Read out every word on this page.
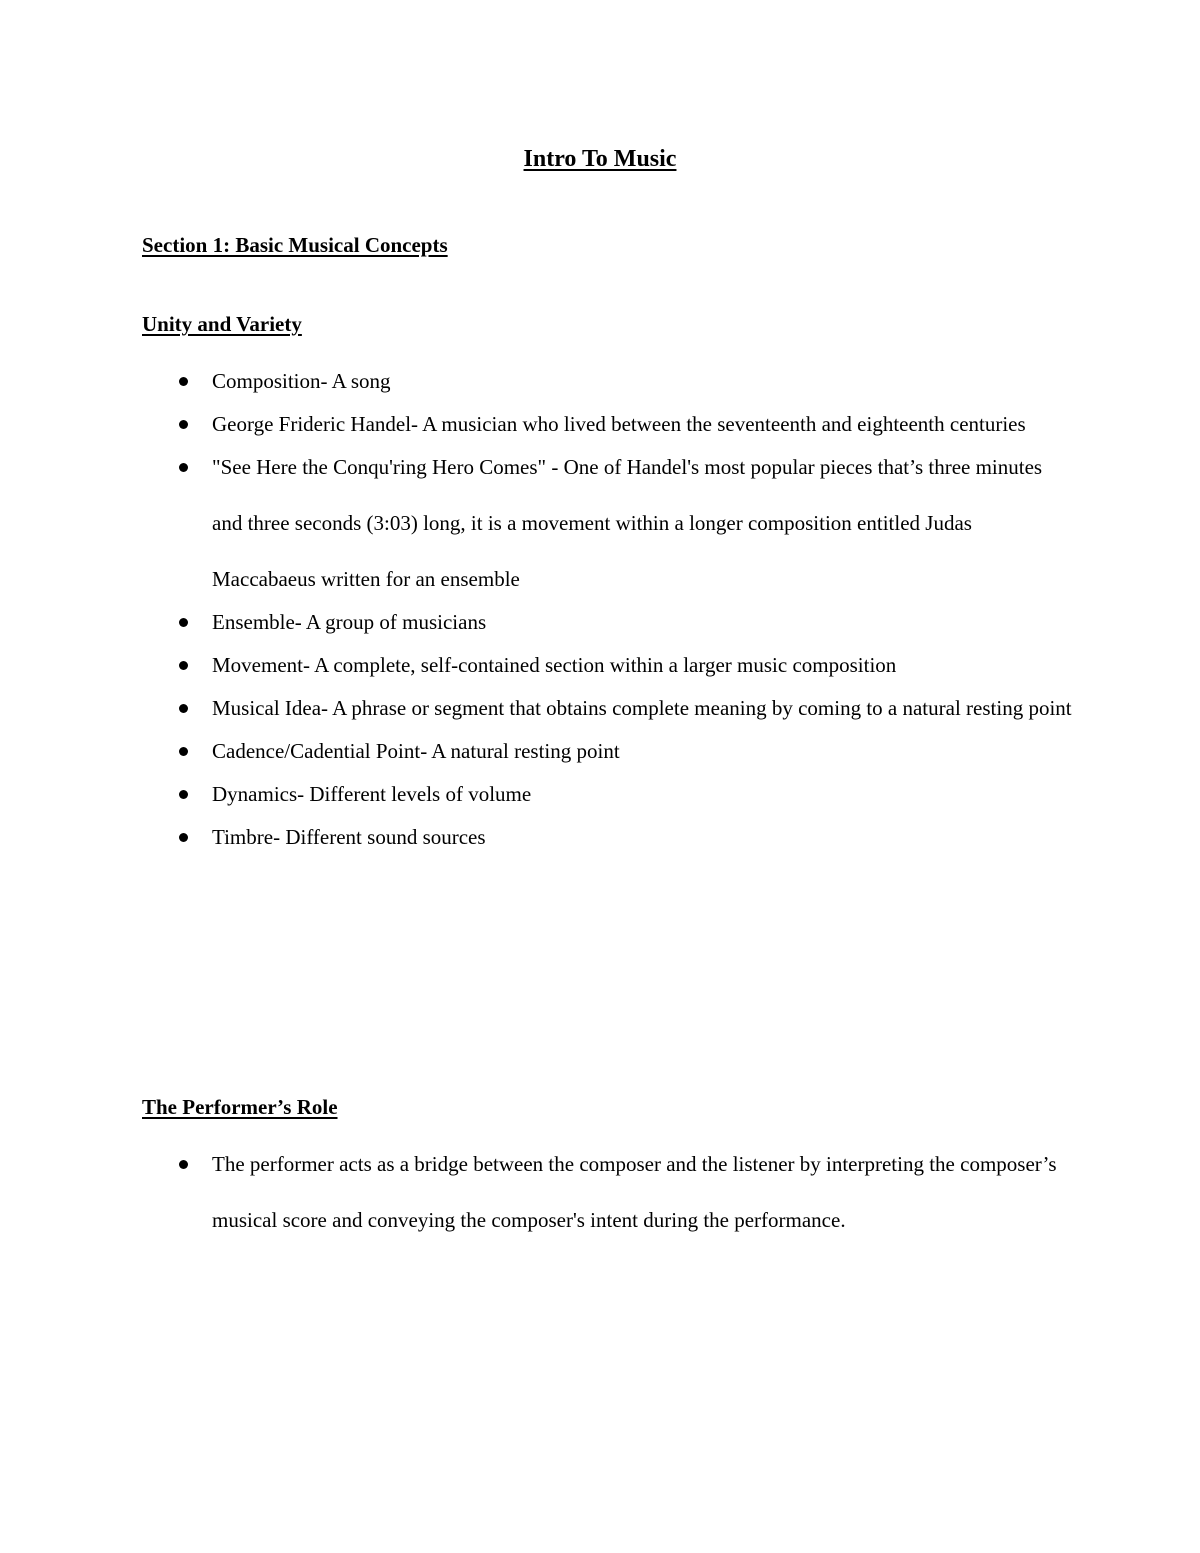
Intro To Music
Section 1: Basic Musical Concepts
Unity and Variety
Composition- A song
George Frideric Handel- A musician who lived between the seventeenth and eighteenth centuries
"See Here the Conqu'ring Hero Comes" - One of Handel's most popular pieces that’s three minutes and three seconds (3:03) long, it is a movement within a longer composition entitled Judas Maccabaeus written for an ensemble
Ensemble- A group of musicians
Movement- A complete, self-contained section within a larger music composition
Musical Idea- A phrase or segment that obtains complete meaning by coming to a natural resting point
Cadence/Cadential Point- A natural resting point
Dynamics- Different levels of volume
Timbre- Different sound sources
The Performer’s Role
The performer acts as a bridge between the composer and the listener by interpreting the composer’s musical score and conveying the composer's intent during the performance.
